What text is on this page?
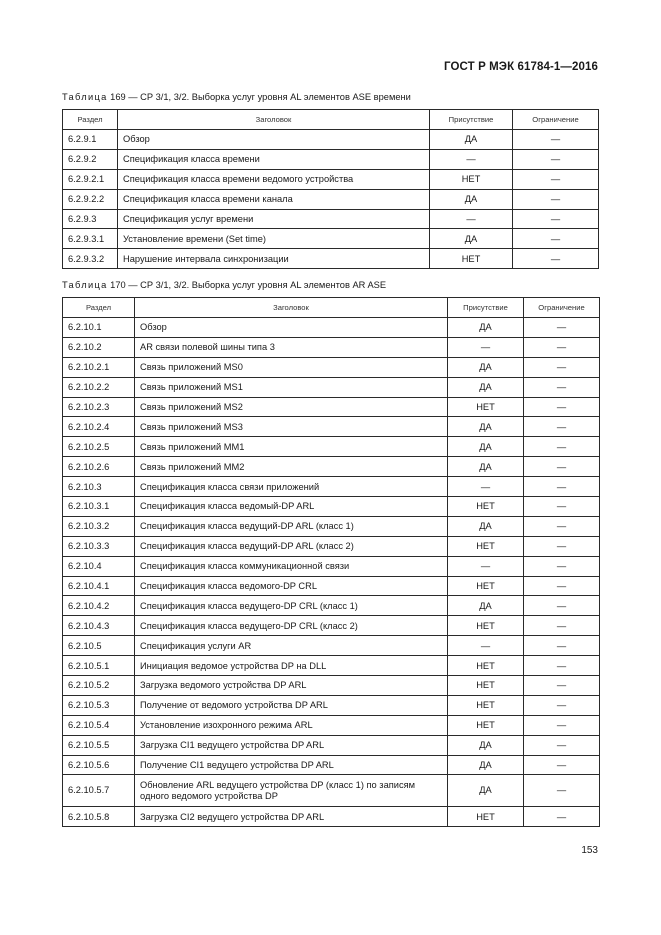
ГОСТ Р МЭК 61784-1—2016
Таблица 169 — СР 3/1, 3/2. Выборка услуг уровня AL элементов ASE времени
Раздел	Заголовок	Присутствие	Ограничение
6.2.9.1	Обзор	ДА	—
6.2.9.2	Спецификация класса времени	—	—
6.2.9.2.1	Спецификация класса времени ведомого устройства	НЕТ	—
6.2.9.2.2	Спецификация класса времени канала	ДА	—
6.2.9.3	Спецификация услуг времени	—	—
6.2.9.3.1	Установление времени (Set time)	ДА	—
6.2.9.3.2	Нарушение интервала синхронизации	НЕТ	—
Таблица 170 — СР 3/1, 3/2. Выборка услуг уровня AL элементов AR ASE
Раздел	Заголовок	Присутствие	Ограничение
6.2.10.1	Обзор	ДА	—
6.2.10.2	AR связи полевой шины типа 3	—	—
6.2.10.2.1	Связь приложений MS0	ДА	—
6.2.10.2.2	Связь приложений MS1	ДА	—
6.2.10.2.3	Связь приложений MS2	НЕТ	—
6.2.10.2.4	Связь приложений MS3	ДА	—
6.2.10.2.5	Связь приложений MM1	ДА	—
6.2.10.2.6	Связь приложений MM2	ДА	—
6.2.10.3	Спецификация класса связи приложений	—	—
6.2.10.3.1	Спецификация класса ведомый-DP ARL	НЕТ	—
6.2.10.3.2	Спецификация класса ведущий-DP ARL (класс 1)	ДА	—
6.2.10.3.3	Спецификация класса ведущий-DP ARL (класс 2)	НЕТ	—
6.2.10.4	Спецификация класса коммуникационной связи	—	—
6.2.10.4.1	Спецификация класса ведомого-DP CRL	НЕТ	—
6.2.10.4.2	Спецификация класса ведущего-DP CRL (класс 1)	ДА	—
6.2.10.4.3	Спецификация класса ведущего-DP CRL (класс 2)	НЕТ	—
6.2.10.5	Спецификация услуги AR	—	—
6.2.10.5.1	Инициация ведомое устройства DP на DLL	НЕТ	—
6.2.10.5.2	Загрузка ведомого устройства DP ARL	НЕТ	—
6.2.10.5.3	Получение от ведомого устройства DP ARL	НЕТ	—
6.2.10.5.4	Установление изохронного режима ARL	НЕТ	—
6.2.10.5.5	Загрузка CI1 ведущего устройства DP ARL	ДА	—
6.2.10.5.6	Получение CI1 ведущего устройства DP ARL	ДА	—
6.2.10.5.7	Обновление ARL ведущего устройства DP (класс 1) по записям одного ведомого устройства DP	ДА	—
6.2.10.5.8	Загрузка CI2 ведущего устройства DP ARL	НЕТ	—
153
